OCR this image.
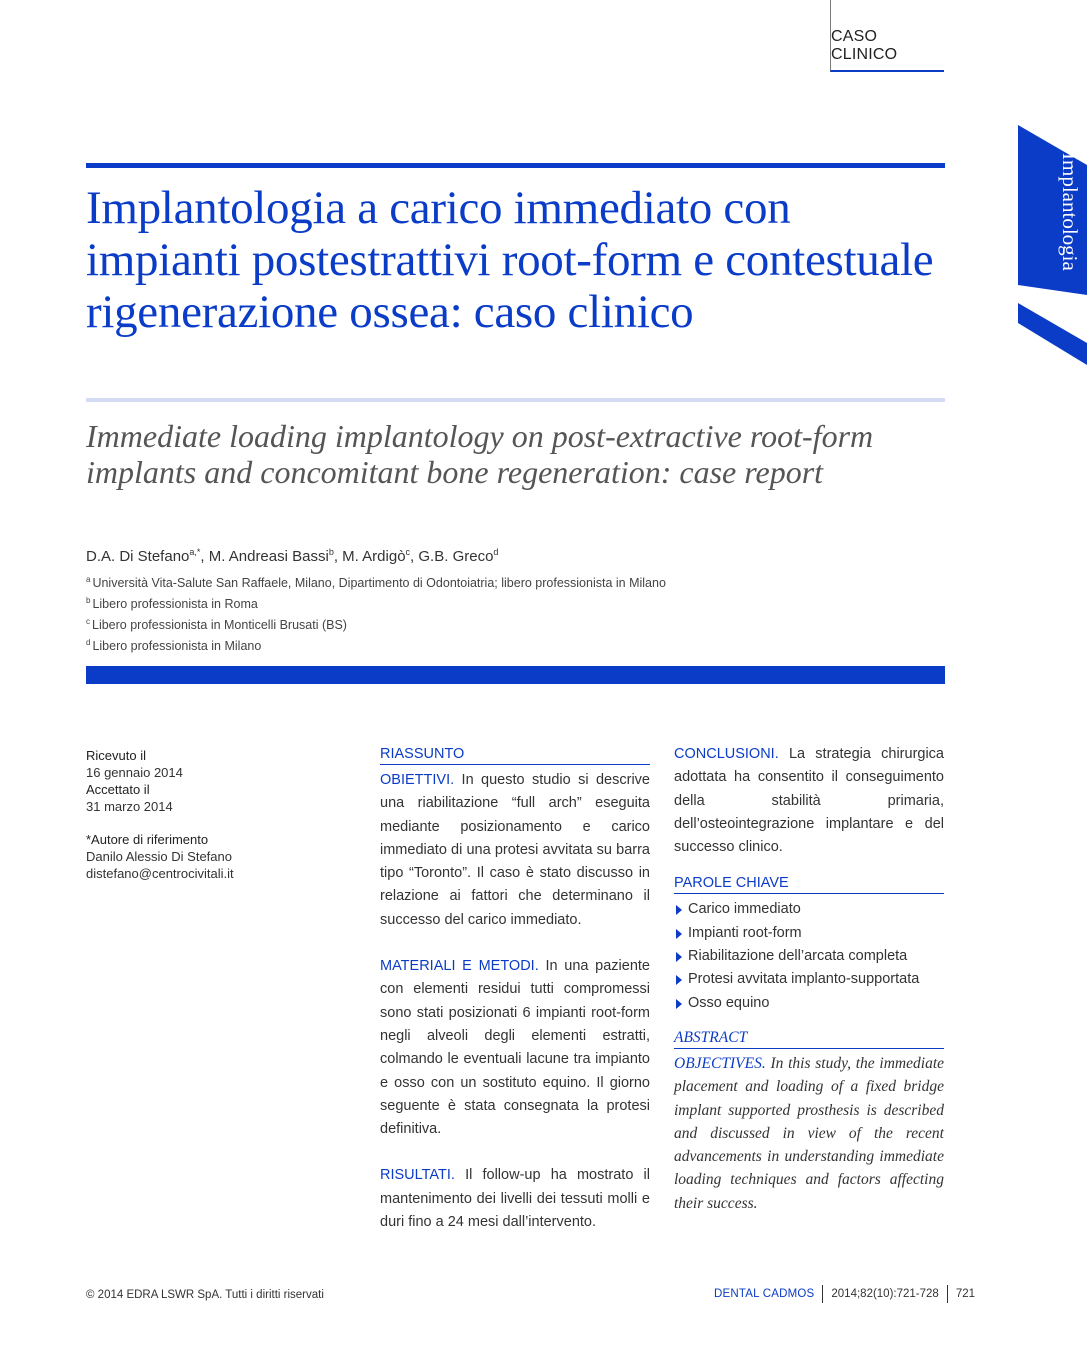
CASO CLINICO
Implantologia
Implantologia a carico immediato con impianti postestrattivi root-form e contestuale rigenerazione ossea: caso clinico
Immediate loading implantology on post-extractive root-form implants and concomitant bone regeneration: case report
D.A. Di Stefano$^{a,*}$, M. Andreasi Bassi$^b$, M. Ardigò$^c$, G.B. Greco$^d$
$^a$ Università Vita-Salute San Raffaele, Milano, Dipartimento di Odontoiatria; libero professionista in Milano
$^b$ Libero professionista in Roma
$^c$ Libero professionista in Monticelli Brusati (BS)
$^d$ Libero professionista in Milano
Ricevuto il
16 gennaio 2014
Accettato il
31 marzo 2014
*Autore di riferimento
Danilo Alessio Di Stefano
distefano@centrocivitali.it
RIASSUNTO

OBIETTIVI. In questo studio si descrive una riabilitazione “full arch” eseguita mediante posizionamento e carico immediato di una protesi avvitata su barra tipo “Toronto”. Il caso è stato discusso in relazione ai fattori che determinano il successo del carico immediato.

MATERIALI E METODI. In una paziente con elementi residui tutti compromessi sono stati posizionati 6 impianti root-form negli alveoli degli elementi estratti, colmando le eventuali lacune tra impianto e osso con un sostituto equino. Il giorno seguente è stata consegnata la protesi definitiva.

RISULTATI. Il follow-up ha mostrato il mantenimento dei livelli dei tessuti molli e duri fino a 24 mesi dall’intervento.

CONCLUSIONI. La strategia chirurgica adottata ha consentito il conseguimento della stabilità primaria, dell’osteointegrazione implantare e del successo clinico.

PAROLE CHIAVE
Carico immediato
Impianti root-form
Riabilitazione dell’arcata completa
Protesi avvitata implanto-supportata
Osso equino
ABSTRACT

OBJECTIVES. In this study, the immediate placement and loading of a fixed bridge implant supported prosthesis is described and discussed in view of the recent advancements in understanding immediate loading techniques and factors affecting their success.

© 2014 EDRA LSWR SpA. Tutti i diritti riservati	DENTAL CADMOS 2014;82(10):721-728 721
